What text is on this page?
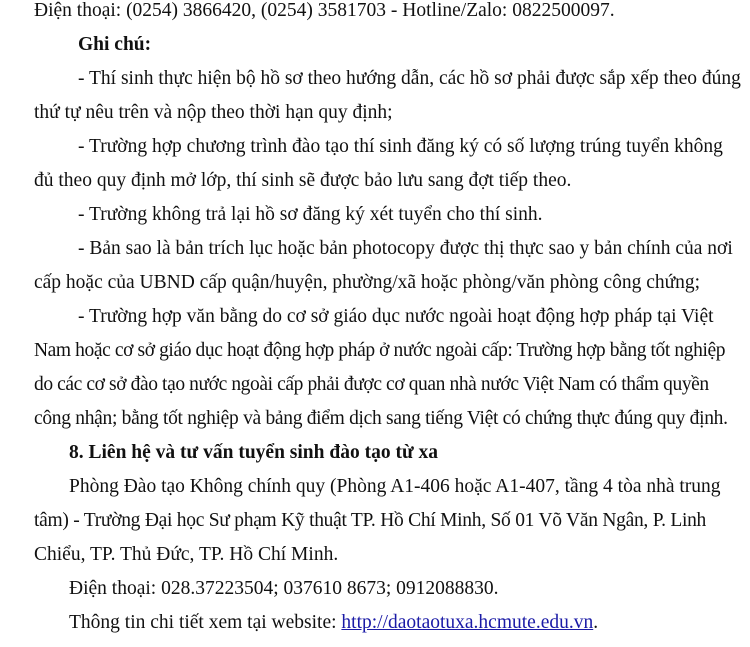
Điện thoại: (0254) 3866420, (0254) 3581703 - Hotline/Zalo: 0822500097.

Ghi chú:

- Thí sinh thực hiện bộ hồ sơ theo hướng dẫn, các hồ sơ phải được sắp xếp theo đúng

thứ tự nêu trên và nộp theo thời hạn quy định;

- Trường hợp chương trình đào tạo thí sinh đăng ký có số lượng trúng tuyển không

đủ theo quy định mở lớp, thí sinh sẽ được bảo lưu sang đợt tiếp theo.

- Trường không trả lại hồ sơ đăng ký xét tuyển cho thí sinh.

- Bản sao là bản trích lục hoặc bản photocopy được thị thực sao y bản chính của nơi

cấp hoặc của UBND cấp quận/huyện, phường/xã hoặc phòng/văn phòng công chứng;

- Trường hợp văn bằng do cơ sở giáo dục nước ngoài hoạt động hợp pháp tại Việt

Nam hoặc cơ sở giáo dục hoạt động hợp pháp ở nước ngoài cấp: Trường hợp bằng tốt nghiệp

do các cơ sở đào tạo nước ngoài cấp phải được cơ quan nhà nước Việt Nam có thẩm quyền

công nhận; bằng tốt nghiệp và bảng điểm dịch sang tiếng Việt có chứng thực đúng quy định.

8. Liên hệ và tư vấn tuyển sinh đào tạo từ xa

Phòng Đào tạo Không chính quy (Phòng A1-406 hoặc A1-407, tầng 4 tòa nhà trung

tâm) - Trường Đại học Sư phạm Kỹ thuật TP. Hồ Chí Minh, Số 01 Võ Văn Ngân, P. Linh

Chiểu, TP. Thủ Đức, TP. Hồ Chí Minh.

Điện thoại: 028.37223504; 037610 8673; 0912088830.

Thông tin chi tiết xem tại website: http://daotaotuxa.hcmute.edu.vn.
